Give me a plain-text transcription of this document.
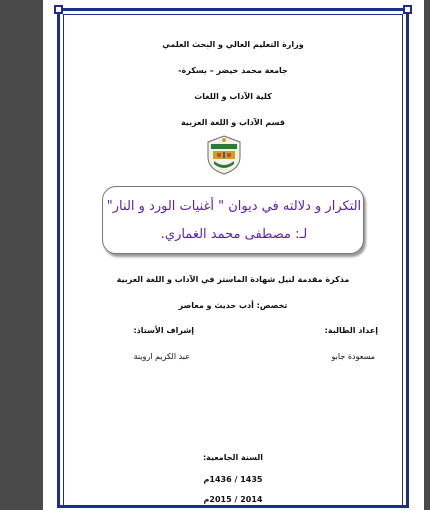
وزارة التعليم العالي و البحث العلمي
جامعة محمد خيضر – بسكرة-
كلية الآداب و اللغات
قسم الآداب و اللغة العربية
التكرار و دلالته في ديوان " أغنيات الورد و النار"
لـ: مصطفى محمد الغماري.
مذكرة مقدمة لنيل شهادة الماستر في الآداب و اللغة العربية
تخصص: أدب حديث و معاصر
إعداد الطالبة:
إشراف الأستاذ:
مسعودة جابو
عبد الكريم اروينة
السنة الجامعية:
1435 / 1436م
2014 / 2015م
